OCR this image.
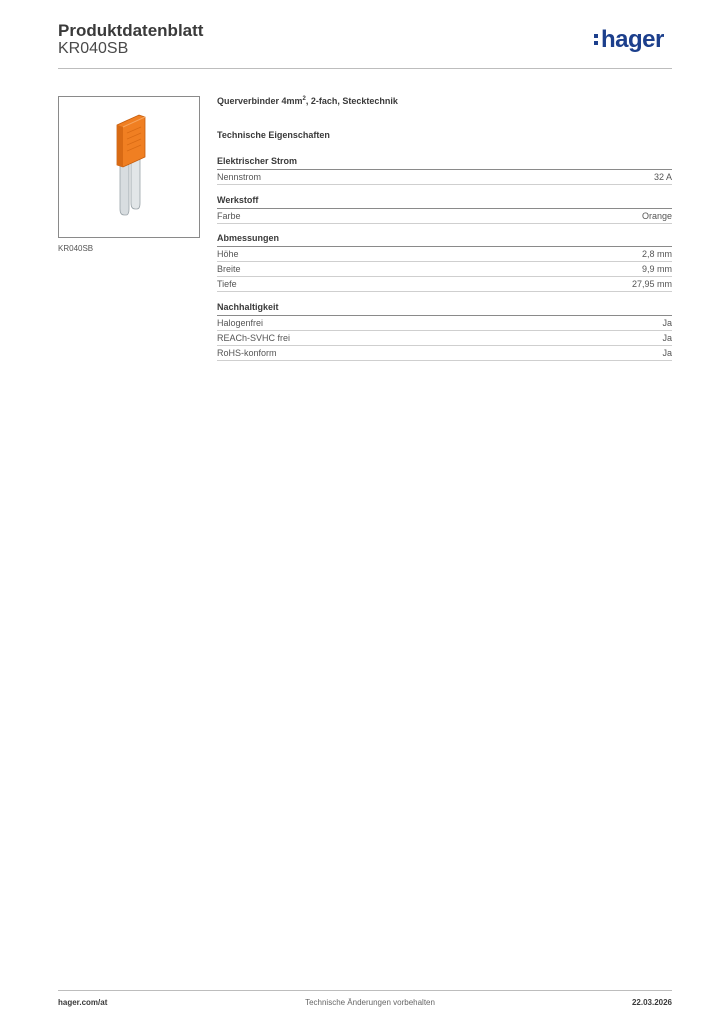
Produktdatenblatt
KR040SB	hager
KR040SB
Querverbinder $4mm^2$, 2-fach, Stecktechnik
Technische Eigenschaften
Elektrischer Strom
Nennstrom	32 A
Werkstoff
Farbe	Orange
Abmessungen
Höhe	2,8 mm
Breite	9,9 mm
Tiefe	27,95 mm
Nachhaltigkeit
Halogenfrei	Ja
REACh-SVHC frei	Ja
RoHS-konform	Ja
hager.com/at	Technische Änderungen vorbehalten	22.03.2026
